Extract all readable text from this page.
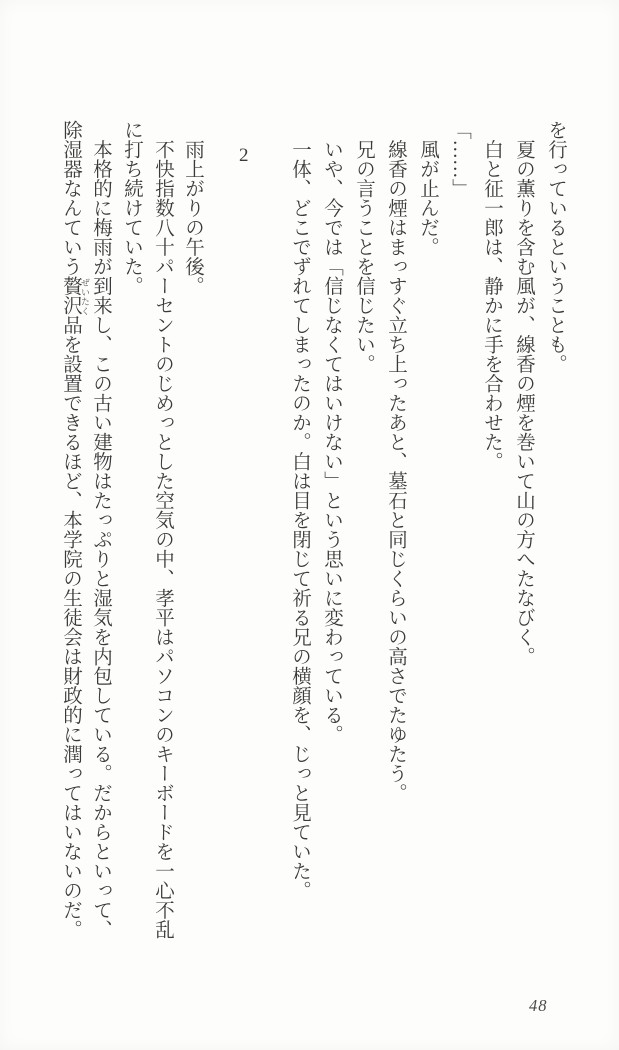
を行っているということも。
　夏の薫りを含む風が、線香の煙を巻いて山の方へたなびく。
　白と征一郎は、静かに手を合わせた。
「……」
　風が止んだ。
　線香の煙はまっすぐ立ち上ったあと、墓石と同じくらいの高さでたゆたう。
　兄の言うことを信じたい。
　いや、今では「信じなくてはいけない」という思いに変わっている。
　一体、どこでずれてしまったのか。白は目を閉じて祈る兄の横顔を、じっと見ていた。
2
　雨上がりの午後。
　不快指数八十パーセントのじめっとした空気の中、孝平はパソコンのキーボードを一心不乱
に打ち続けていた。
　本格的に梅雨が到来し、この古い建物はたっぷりと湿気を内包している。だからといって、
除湿器なんていう贅沢品を設置できるほど、本学院の生徒会は財政的に潤ってはいないのだ。 ぜいたく
48
